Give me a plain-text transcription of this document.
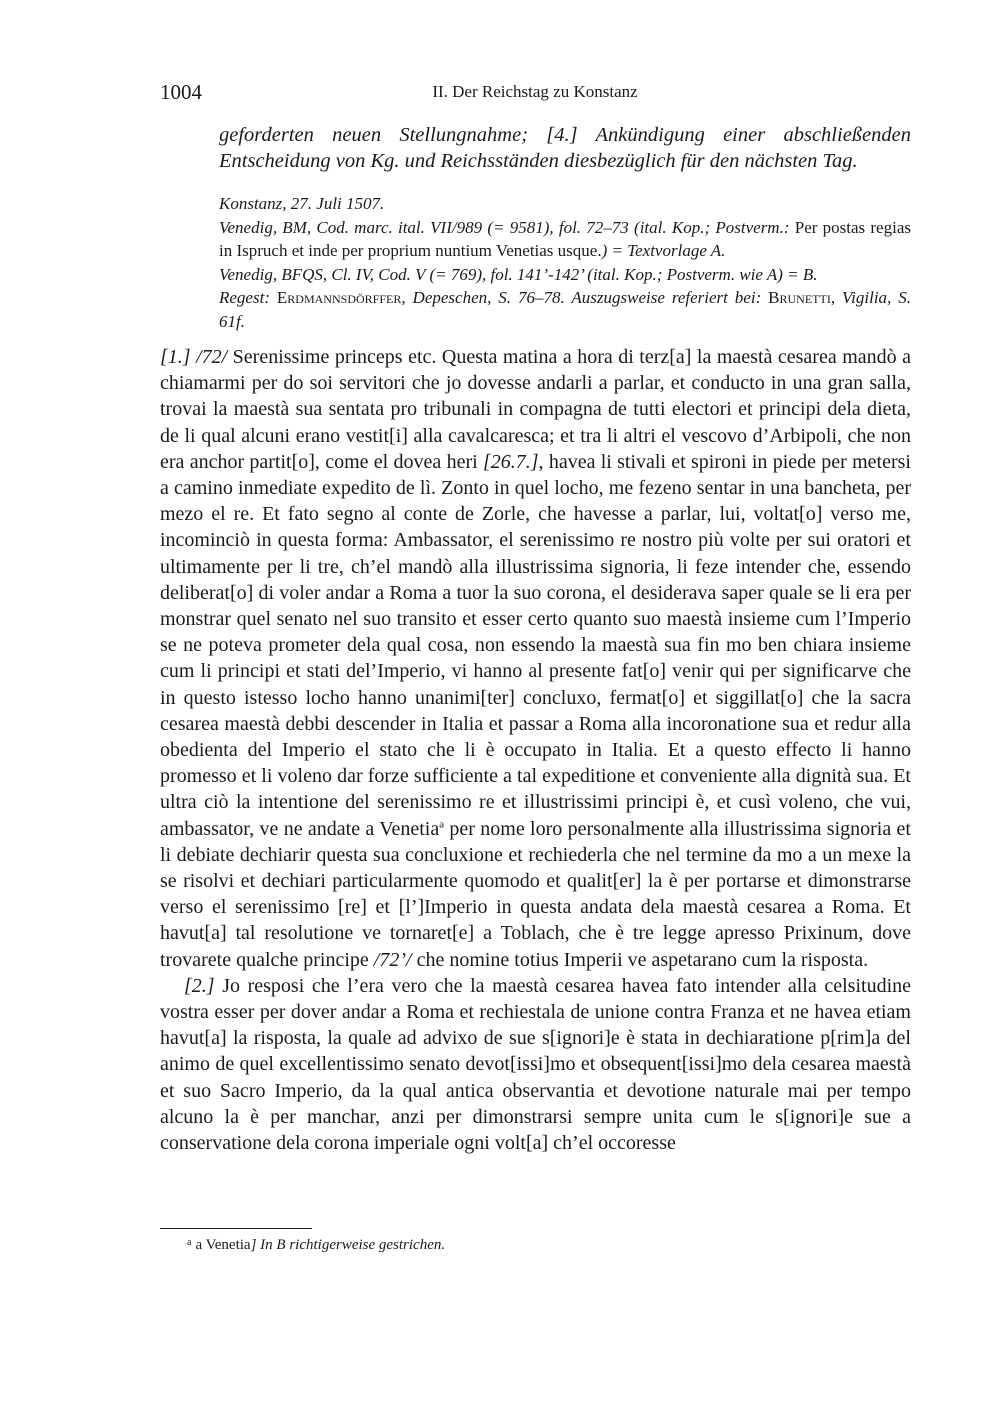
1004	II. Der Reichstag zu Konstanz
geforderten neuen Stellungnahme; [4.] Ankündigung einer abschließenden Entscheidung von Kg. und Reichsständen diesbezüglich für den nächsten Tag.

Konstanz, 27. Juli 1507.

Venedig, BM, Cod. marc. ital. VII/989 (= 9581), fol. 72–73 (ital. Kop.; Postverm.: Per postas regias in Ispruch et inde per proprium nuntium Venetias usque.) = Textvorlage A.

Venedig, BFQS, Cl. IV, Cod. V (= 769), fol. 141’-142’ (ital. Kop.; Postverm. wie A) = B.

Regest: Erdmannsdörffer, Depeschen, S. 76–78. Auszugsweise referiert bei: Brunetti, Vigilia, S. 61f.

[1.] /72/ Serenissime princeps etc. Questa matina a hora di terz[a] la maestà cesarea mandò a chiamarmi per do soi servitori che jo dovesse andarli a parlar, et conducto in una gran salla, trovai la maestà sua sentata pro tribunali in compagna de tutti electori et principi dela dieta, de li qual alcuni erano vestit[i] alla cavalcaresca; et tra li altri el vescovo d’Arbipoli, che non era anchor partit[o], come el dovea heri [26.7.], havea li stivali et spironi in piede per metersi a camino inmediate expedito de lì. Zonto in quel locho, me fezeno sentar in una bancheta, per mezo el re. Et fato segno al conte de Zorle, che havesse a parlar, lui, voltat[o] verso me, incominciò in questa forma: Ambassator, el serenissimo re nostro più volte per sui oratori et ultimamente per li tre, ch’el mandò alla illustrissima signoria, li feze intender che, essendo deliberat[o] di voler andar a Roma a tuor la suo corona, el desiderava saper quale se li era per monstrar quel senato nel suo transito et esser certo quanto suo maestà insieme cum l’Imperio se ne poteva prometer dela qual cosa, non essendo la maestà sua fin mo ben chiara insieme cum li principi et stati del’Imperio, vi hanno al presente fat[o] venir qui per significarve che in questo istesso locho hanno unanimi[ter] concluxo, fermat[o] et siggillat[o] che la sacra cesarea maestà debbi descender in Italia et passar a Roma alla incoronatione sua et redur alla obedienta del Imperio el stato che li è occupato in Italia. Et a questo effecto li hanno promesso et li voleno dar forze sufficiente a tal expeditione et conveniente alla dignità sua. Et ultra ciò la intentione del serenissimo re et illustrissimi principi è, et cusì voleno, che vui, ambassator, ve ne andate a Venetia$^a$ per nome loro personalmente alla illustrissima signoria et li debiate dechiarir questa sua concluxione et rechiederla che nel termine da mo a un mexe la se risolvi et dechiari particularmente quomodo et qualit[er] la è per portarse et dimonstrarse verso el serenissimo [re] et [l’]Imperio in questa andata dela maestà cesarea a Roma. Et havut[a] tal resolutione ve tornaret[e] a Toblach, che è tre legge apresso Prixinum, dove trovarete qualche principe /72’/ che nomine totius Imperii ve aspetarano cum la risposta.

[2.] Jo resposi che l’era vero che la maestà cesarea havea fato intender alla celsitudine vostra esser per dover andar a Roma et rechiestala de unione contra Franza et ne havea etiam havut[a] la risposta, la quale ad advixo de sue s[ignori]e è stata in dechiaratione p[rim]a del animo de quel excellentissimo senato devot[issi]mo et obsequent[issi]mo dela cesarea maestà et suo Sacro Imperio, da la qual antica observantia et devotione naturale mai per tempo alcuno la è per manchar, anzi per dimonstrarsi sempre unita cum le s[ignori]e sue a conservatione dela corona imperiale ogni volt[a] ch’el occoresse

$^a$ a Venetia] In B richtigerweise gestrichen.
